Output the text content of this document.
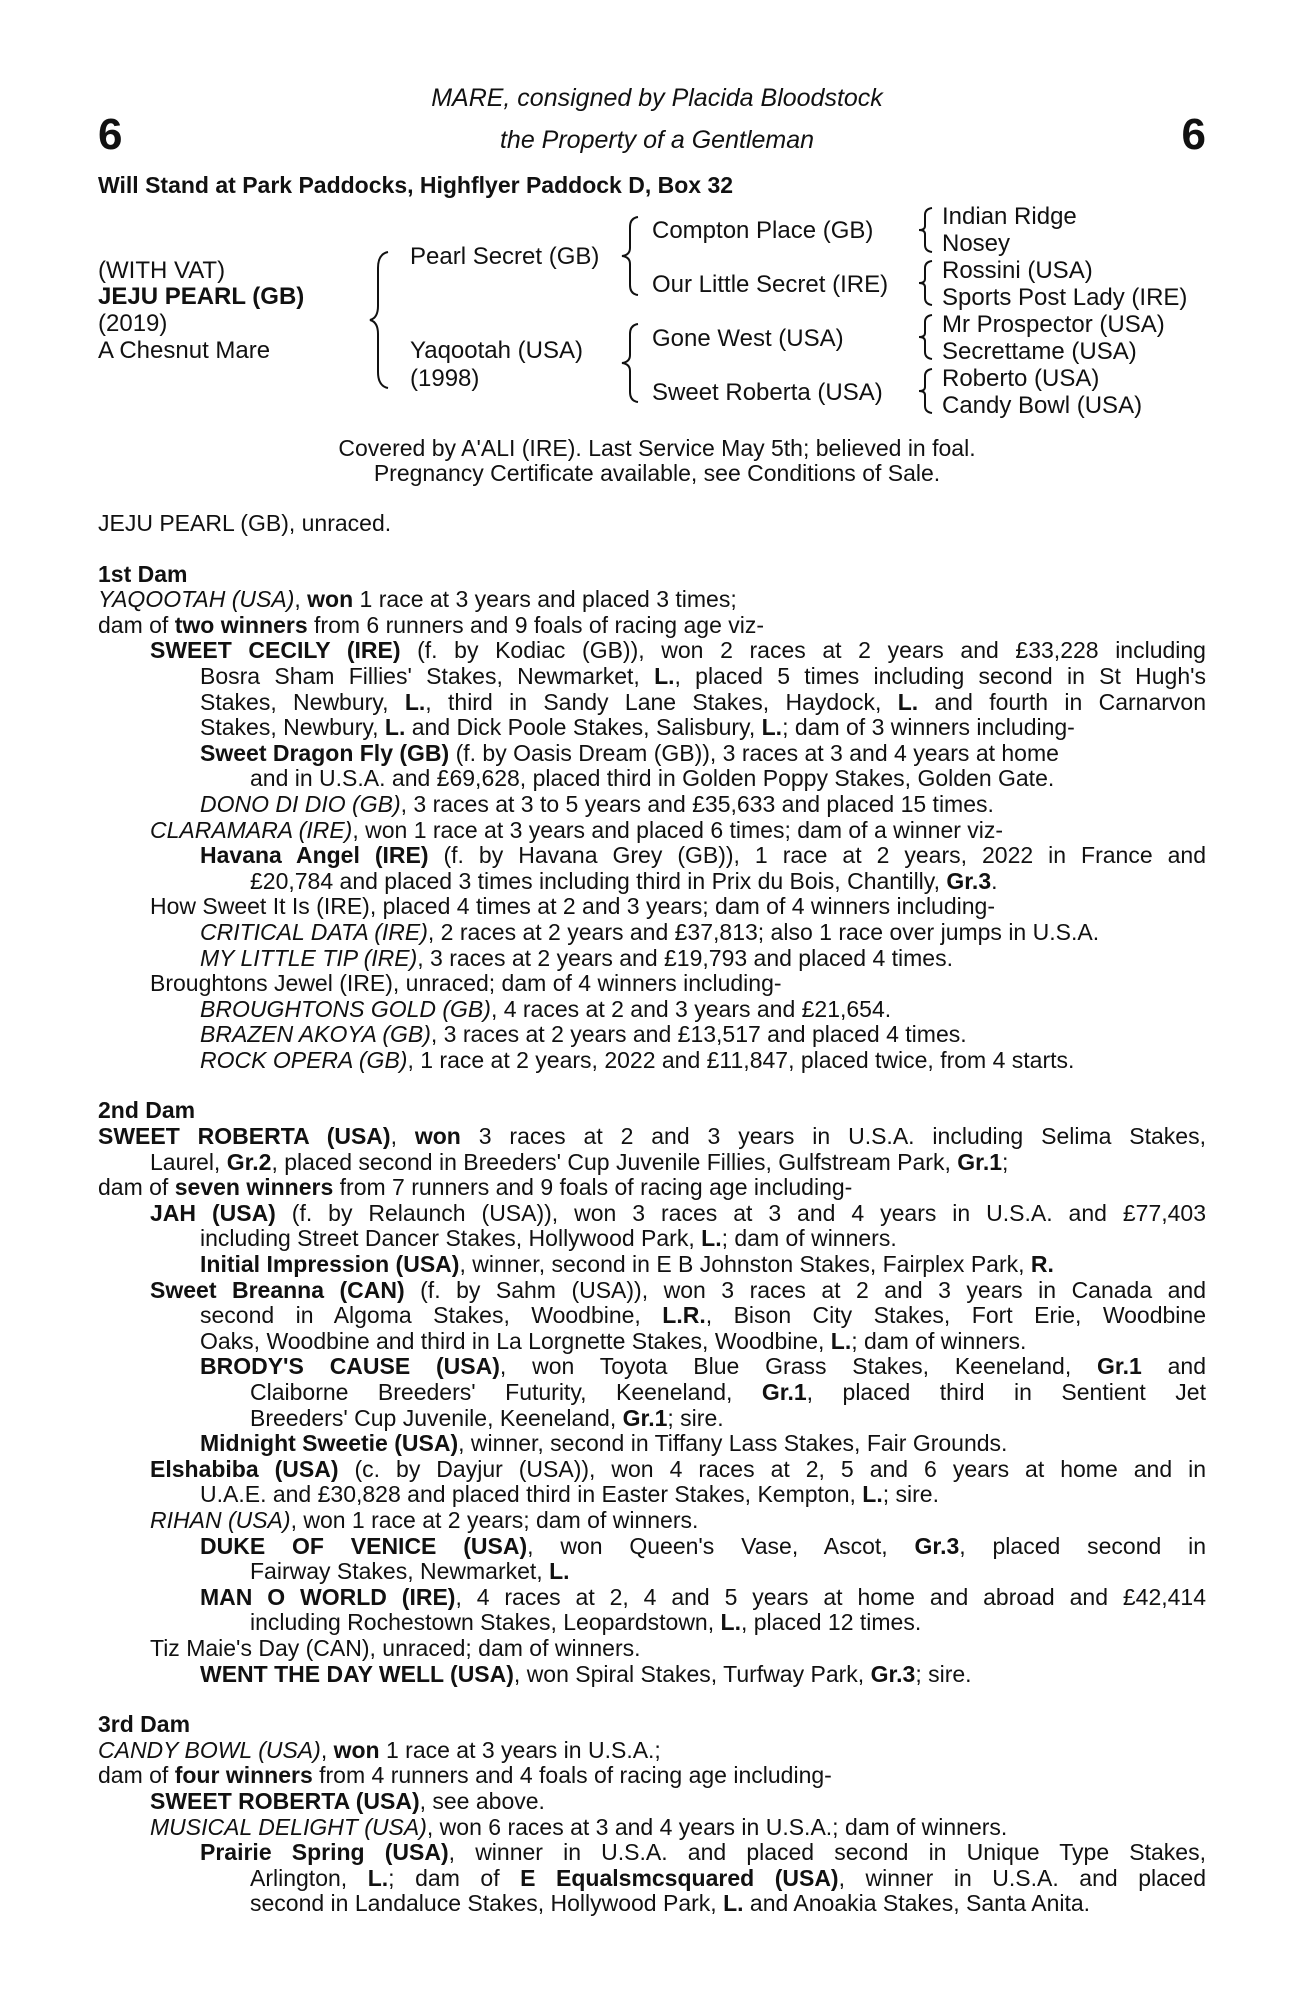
6	6
MARE, consigned by Placida Bloodstock
the Property of a Gentleman
Will Stand at Park Paddocks, Highflyer Paddock D, Box 32
(WITH VAT)
JEJU PEARL (GB)
(2019)
A Chesnut Mare
Pearl Secret (GB)
Yaqootah (USA)
(1998)
Compton Place (GB)
Our Little Secret (IRE)
Gone West (USA)
Sweet Roberta (USA)
Indian Ridge
Nosey
Rossini (USA)
Sports Post Lady (IRE)
Mr Prospector (USA)
Secrettame (USA)
Roberto (USA)
Candy Bowl (USA)
Covered by A'ALI (IRE). Last Service May 5th; believed in foal.
Pregnancy Certificate available, see Conditions of Sale.
JEJU PEARL (GB), unraced.
1st Dam
YAQOOTAH (USA), won 1 race at 3 years and placed 3 times;
dam of two winners from 6 runners and 9 foals of racing age viz-
SWEET CECILY (IRE) (f. by Kodiac (GB)), won 2 races at 2 years and £33,228 including
Bosra Sham Fillies' Stakes, Newmarket, L., placed 5 times including second in St Hugh's
Stakes, Newbury, L., third in Sandy Lane Stakes, Haydock, L. and fourth in Carnarvon
Stakes, Newbury, L. and Dick Poole Stakes, Salisbury, L.; dam of 3 winners including-
Sweet Dragon Fly (GB) (f. by Oasis Dream (GB)), 3 races at 3 and 4 years at home
and in U.S.A. and £69,628, placed third in Golden Poppy Stakes, Golden Gate.
DONO DI DIO (GB), 3 races at 3 to 5 years and £35,633 and placed 15 times.
CLARAMARA (IRE), won 1 race at 3 years and placed 6 times; dam of a winner viz-
Havana Angel (IRE) (f. by Havana Grey (GB)), 1 race at 2 years, 2022 in France and
£20,784 and placed 3 times including third in Prix du Bois, Chantilly, Gr.3.
How Sweet It Is (IRE), placed 4 times at 2 and 3 years; dam of 4 winners including-
CRITICAL DATA (IRE), 2 races at 2 years and £37,813; also 1 race over jumps in U.S.A.
MY LITTLE TIP (IRE), 3 races at 2 years and £19,793 and placed 4 times.
Broughtons Jewel (IRE), unraced; dam of 4 winners including-
BROUGHTONS GOLD (GB), 4 races at 2 and 3 years and £21,654.
BRAZEN AKOYA (GB), 3 races at 2 years and £13,517 and placed 4 times.
ROCK OPERA (GB), 1 race at 2 years, 2022 and £11,847, placed twice, from 4 starts.
2nd Dam
SWEET ROBERTA (USA), won 3 races at 2 and 3 years in U.S.A. including Selima Stakes,
Laurel, Gr.2, placed second in Breeders' Cup Juvenile Fillies, Gulfstream Park, Gr.1;
dam of seven winners from 7 runners and 9 foals of racing age including-
JAH (USA) (f. by Relaunch (USA)), won 3 races at 3 and 4 years in U.S.A. and £77,403
including Street Dancer Stakes, Hollywood Park, L.; dam of winners.
Initial Impression (USA), winner, second in E B Johnston Stakes, Fairplex Park, R.
Sweet Breanna (CAN) (f. by Sahm (USA)), won 3 races at 2 and 3 years in Canada and
second in Algoma Stakes, Woodbine, L.R., Bison City Stakes, Fort Erie, Woodbine
Oaks, Woodbine and third in La Lorgnette Stakes, Woodbine, L.; dam of winners.
BRODY'S CAUSE (USA), won Toyota Blue Grass Stakes, Keeneland, Gr.1 and
Claiborne Breeders' Futurity, Keeneland, Gr.1, placed third in Sentient Jet
Breeders' Cup Juvenile, Keeneland, Gr.1; sire.
Midnight Sweetie (USA), winner, second in Tiffany Lass Stakes, Fair Grounds.
Elshabiba (USA) (c. by Dayjur (USA)), won 4 races at 2, 5 and 6 years at home and in
U.A.E. and £30,828 and placed third in Easter Stakes, Kempton, L.; sire.
RIHAN (USA), won 1 race at 2 years; dam of winners.
DUKE OF VENICE (USA), won Queen's Vase, Ascot, Gr.3, placed second in
Fairway Stakes, Newmarket, L.
MAN O WORLD (IRE), 4 races at 2, 4 and 5 years at home and abroad and £42,414
including Rochestown Stakes, Leopardstown, L., placed 12 times.
Tiz Maie's Day (CAN), unraced; dam of winners.
WENT THE DAY WELL (USA), won Spiral Stakes, Turfway Park, Gr.3; sire.
3rd Dam
CANDY BOWL (USA), won 1 race at 3 years in U.S.A.;
dam of four winners from 4 runners and 4 foals of racing age including-
SWEET ROBERTA (USA), see above.
MUSICAL DELIGHT (USA), won 6 races at 3 and 4 years in U.S.A.; dam of winners.
Prairie Spring (USA), winner in U.S.A. and placed second in Unique Type Stakes,
Arlington, L.; dam of E Equalsmcsquared (USA), winner in U.S.A. and placed
second in Landaluce Stakes, Hollywood Park, L. and Anoakia Stakes, Santa Anita.
